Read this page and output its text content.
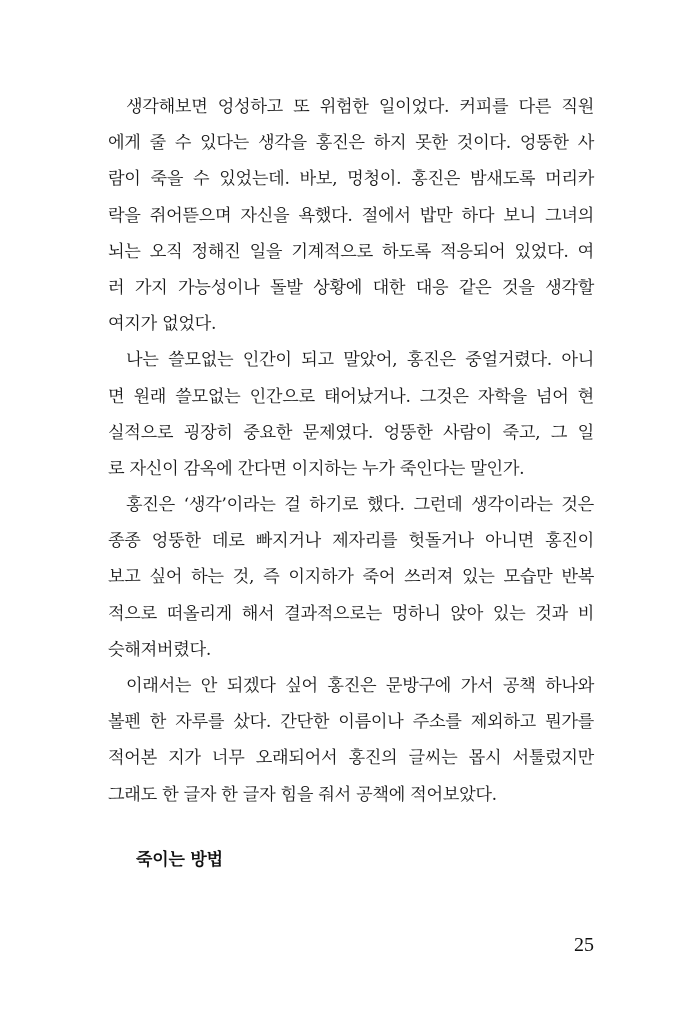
생각해보면 엉성하고 또 위험한 일이었다. 커피를 다른 직원
에게 줄 수 있다는 생각을 홍진은 하지 못한 것이다. 엉뚱한 사
람이 죽을 수 있었는데. 바보, 멍청이. 홍진은 밤새도록 머리카
락을 쥐어뜯으며 자신을 욕했다. 절에서 밥만 하다 보니 그녀의
뇌는 오직 정해진 일을 기계적으로 하도록 적응되어 있었다. 여
러 가지 가능성이나 돌발 상황에 대한 대응 같은 것을 생각할
여지가 없었다.
나는 쓸모없는 인간이 되고 말았어, 홍진은 중얼거렸다. 아니
면 원래 쓸모없는 인간으로 태어났거나. 그것은 자학을 넘어 현
실적으로 굉장히 중요한 문제였다. 엉뚱한 사람이 죽고, 그 일
로 자신이 감옥에 간다면 이지하는 누가 죽인다는 말인가.
홍진은 ‘생각’이라는 걸 하기로 했다. 그런데 생각이라는 것은
종종 엉뚱한 데로 빠지거나 제자리를 헛돌거나 아니면 홍진이
보고 싶어 하는 것, 즉 이지하가 죽어 쓰러져 있는 모습만 반복
적으로 떠올리게 해서 결과적으로는 멍하니 앉아 있는 것과 비
슷해져버렸다.
이래서는 안 되겠다 싶어 홍진은 문방구에 가서 공책 하나와
볼펜 한 자루를 샀다. 간단한 이름이나 주소를 제외하고 뭔가를
적어본 지가 너무 오래되어서 홍진의 글씨는 몹시 서툴렀지만
그래도 한 글자 한 글자 힘을 줘서 공책에 적어보았다.
죽이는 방법
25
